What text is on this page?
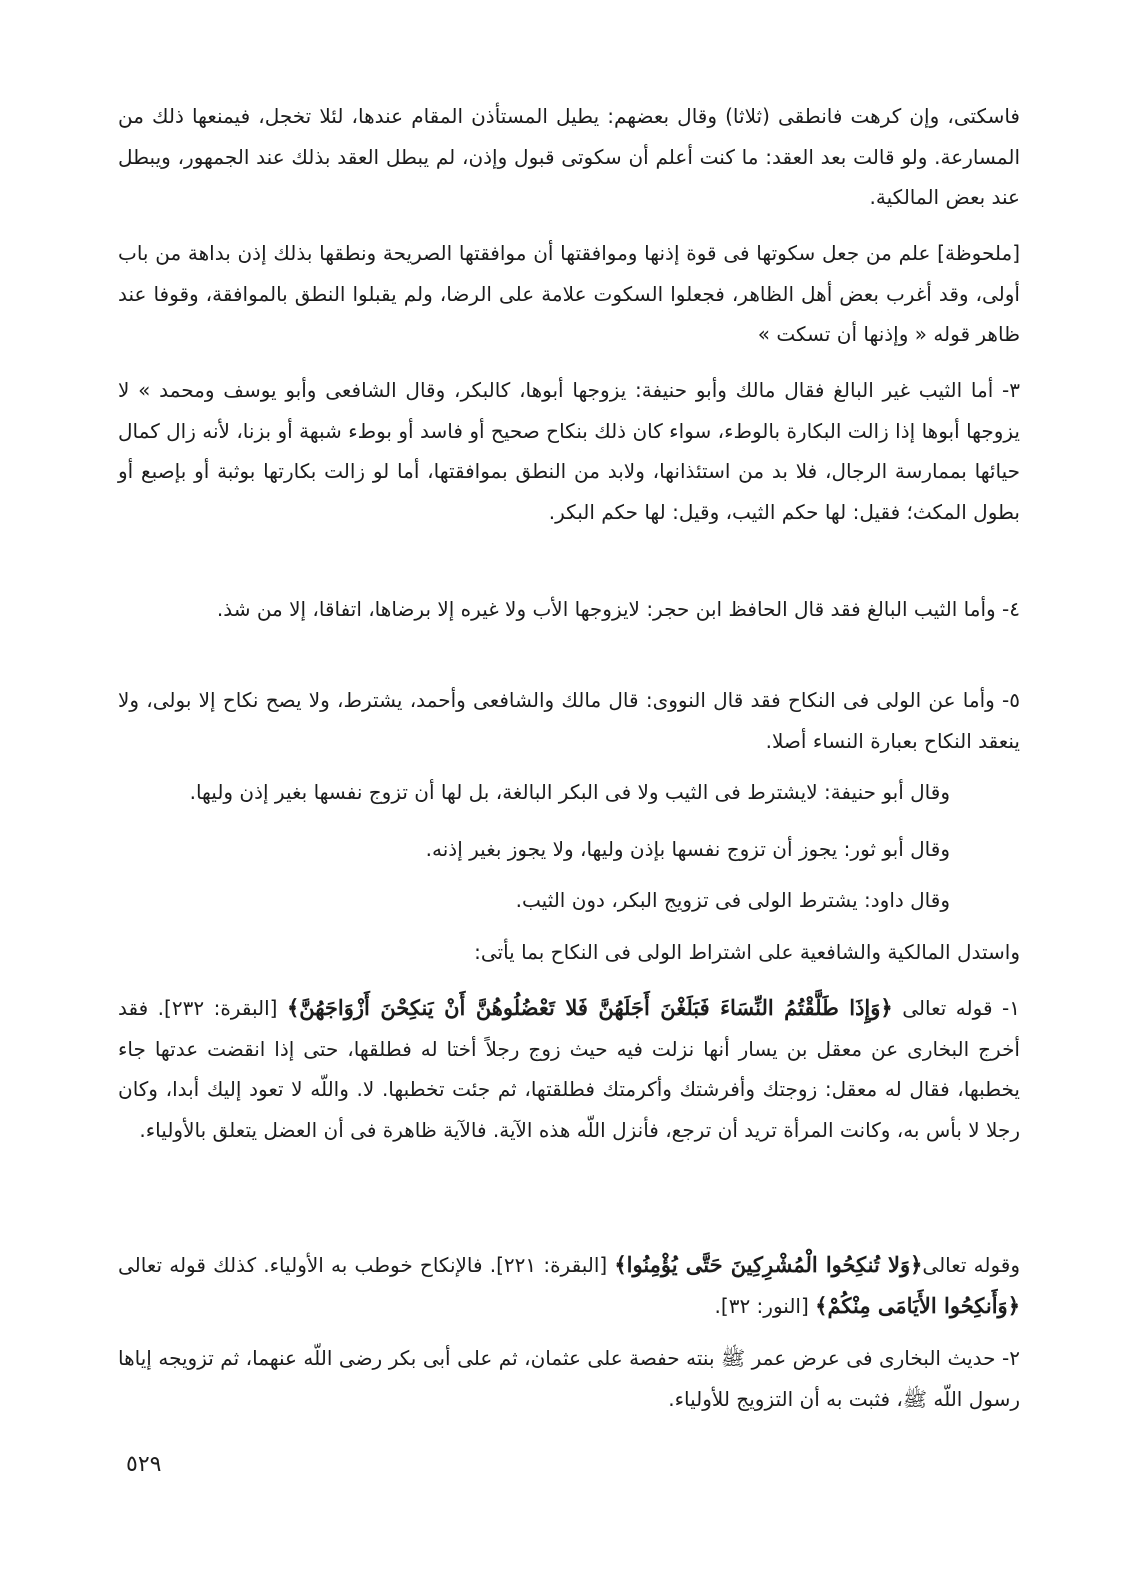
فاسكتى، وإن كرهت فانطقى (ثلاثا) وقال بعضهم: يطيل المستأذن المقام عندها، لئلا تخجل، فيمنعها ذلك من المسارعة. ولو قالت بعد العقد: ما كنت أعلم أن سكوتى قبول وإذن، لم يبطل العقد بذلك عند الجمهور، ويبطل عند بعض المالكية.

[ملحوظة] علم من جعل سكوتها فى قوة إذنها وموافقتها أن موافقتها الصريحة ونطقها بذلك إذن بداهة من باب أولى، وقد أغرب بعض أهل الظاهر، فجعلوا السكوت علامة على الرضا، ولم يقبلوا النطق بالموافقة، وقوفا عند ظاهر قوله « وإذنها أن تسكت »

٣- أما الثيب غير البالغ فقال مالك وأبو حنيفة: يزوجها أبوها، كالبكر، وقال الشافعى وأبو يوسف ومحمد » لا يزوجها أبوها إذا زالت البكارة بالوطء، سواء كان ذلك بنكاح صحيح أو فاسد أو بوطء شبهة أو بزنا، لأنه زال كمال حيائها بممارسة الرجال، فلا بد من استئذانها، ولابد من النطق بموافقتها، أما لو زالت بكارتها بوثبة أو بإصبع أو بطول المكث؛ فقيل: لها حكم الثيب، وقيل: لها حكم البكر.

٤- وأما الثيب البالغ فقد قال الحافظ ابن حجر: لايزوجها الأب ولا غيره إلا برضاها، اتفاقا، إلا من شذ.

٥- وأما عن الولى فى النكاح فقد قال النووى: قال مالك والشافعى وأحمد، يشترط، ولا يصح نكاح إلا بولى، ولا ينعقد النكاح بعبارة النساء أصلا.

وقال أبو حنيفة: لايشترط فى الثيب ولا فى البكر البالغة، بل لها أن تزوج نفسها بغير إذن وليها.

وقال أبو ثور: يجوز أن تزوج نفسها بإذن وليها، ولا يجوز بغير إذنه.

وقال داود: يشترط الولى فى تزويج البكر، دون الثيب.

واستدل المالكية والشافعية على اشتراط الولى فى النكاح بما يأتى:

١- قوله تعالى ﴿وَإِذَا طَلَّقْتُمُ النِّسَاءَ فَبَلَغْنَ أَجَلَهُنَّ فَلا تَعْضُلُوهُنَّ أَنْ يَنكِحْنَ أَزْوَاجَهُنَّ﴾ [البقرة: ٢٣٢]. فقد أخرج البخارى عن معقل بن يسار أنها نزلت فيه حيث زوج رجلاً أختا له فطلقها، حتى إذا انقضت عدتها جاء يخطبها، فقال له معقل: زوجتك وأفرشتك وأكرمتك فطلقتها، ثم جئت تخطبها. لا. واللّه لا تعود إليك أبدا، وكان رجلا لا بأس به، وكانت المرأة تريد أن ترجع، فأنزل اللّه هذه الآية. فالآية ظاهرة فى أن العضل يتعلق بالأولياء.

وقوله تعالى﴿وَلا تُنكِحُوا الْمُشْرِكِينَ حَتَّى يُؤْمِنُوا﴾ [البقرة: ٢٢١]. فالإنكاح خوطب به الأولياء. كذلك قوله تعالى ﴿وَأَنكِحُوا الأَيَامَى مِنْكُمْ﴾ [النور: ٣٢].

٢- حديث البخارى فى عرض عمر ﷺ بنته حفصة على عثمان، ثم على أبى بكر رضى اللّه عنهما، ثم تزويجه إياها رسول اللّه ﷺ، فثبت به أن التزويج للأولياء.

٥٢٩
